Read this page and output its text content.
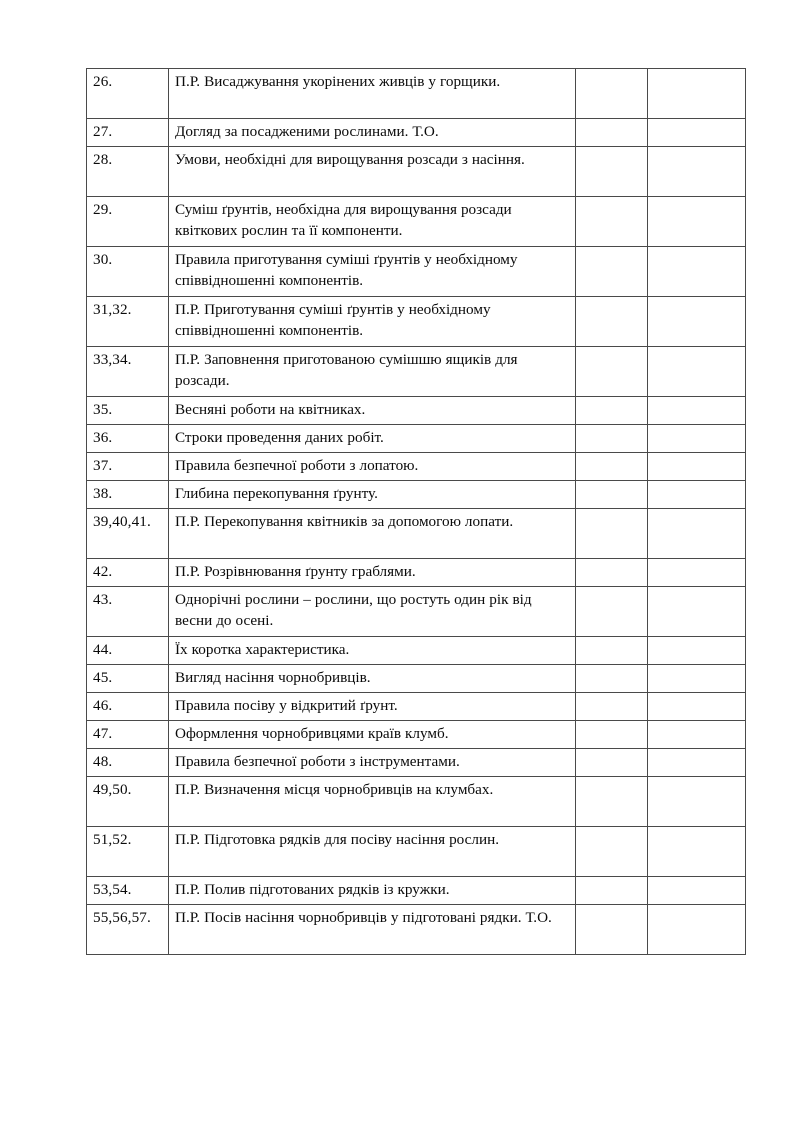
26.	П.Р. Висаджування укорінених живців у горщики.		
27.	Догляд за посадженими рослинами. Т.О.		
28.	Умови, необхідні для вирощування розсади з насіння.		
29.	Суміш ґрунтів, необхідна для вирощування розсади квіткових рослин та її компоненти.		
30.	Правила приготування суміші ґрунтів у необхідному співвідношенні компонентів.		
31,32.	П.Р. Приготування суміші ґрунтів у необхідному співвідношенні компонентів.		
33,34.	П.Р. Заповнення приготованою сумішшю ящиків для розсади.		
35.	Весняні роботи на квітниках.		
36.	Строки проведення даних робіт.		
37.	Правила безпечної роботи з лопатою.		
38.	Глибина перекопування ґрунту.		
39,40,41.	П.Р. Перекопування квітників за допомогою лопати.		
42.	П.Р. Розрівнювання ґрунту граблями.		
43.	Однорічні рослини – рослини, що ростуть один рік від весни до осені.		
44.	Їх коротка характеристика.		
45.	Вигляд насіння чорнобривців.		
46.	Правила посіву у відкритий ґрунт.		
47.	Оформлення чорнобривцями країв клумб.		
48.	Правила безпечної роботи з інструментами.		
49,50.	П.Р. Визначення місця чорнобривців на клумбах.		
51,52.	П.Р. Підготовка рядків для посіву насіння рослин.		
53,54.	П.Р. Полив підготованих рядків із кружки.		
55,56,57.	П.Р. Посів насіння чорнобривців у підготовані рядки. Т.О.		
